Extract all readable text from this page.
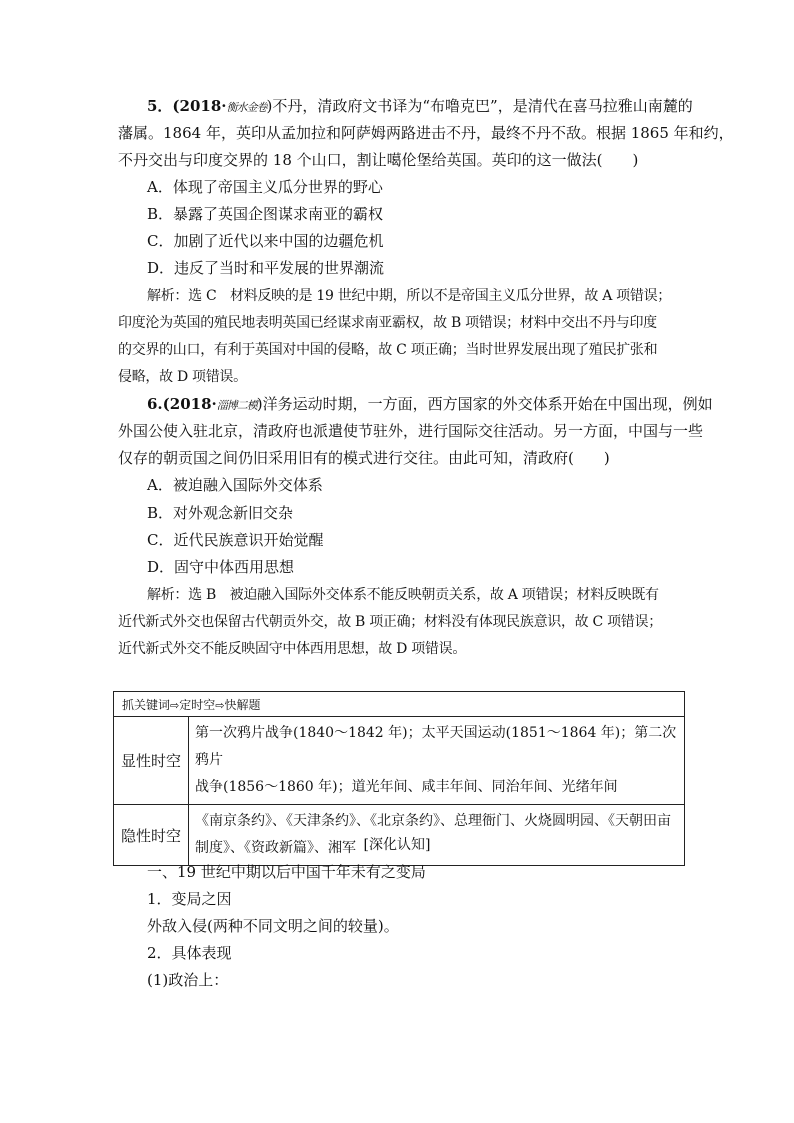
5．(2018·衡水金卷)不丹，清政府文书译为“布噜克巴”，是清代在喜马拉雅山南麓的
藩属。1864 年，英印从孟加拉和阿萨姆两路进击不丹，最终不丹不敌。根据 1865 年和约，
不丹交出与印度交界的 18 个山口，割让噶伦堡给英国。英印的这一做法(　　)
A．体现了帝国主义瓜分世界的野心
B．暴露了英国企图谋求南亚的霸权
C．加剧了近代以来中国的边疆危机
D．违反了当时和平发展的世界潮流
解析：选 C　材料反映的是 19 世纪中期，所以不是帝国主义瓜分世界，故 A 项错误；
印度沦为英国的殖民地表明英国已经谋求南亚霸权，故 B 项错误；材料中交出不丹与印度
的交界的山口，有利于英国对中国的侵略，故 C 项正确；当时世界发展出现了殖民扩张和
侵略，故 D 项错误。
6.(2018·淄博二模)洋务运动时期，一方面，西方国家的外交体系开始在中国出现，例如
外国公使入驻北京，清政府也派遣使节驻外，进行国际交往活动。另一方面，中国与一些
仅存的朝贡国之间仍旧采用旧有的模式进行交往。由此可知，清政府(　　)
A．被迫融入国际外交体系
B．对外观念新旧交杂
C．近代民族意识开始觉醒
D．固守中体西用思想
解析：选 B　被迫融入国际外交体系不能反映朝贡关系，故 A 项错误；材料反映既有
近代新式外交也保留古代朝贡外交，故 B 项正确；材料没有体现民族意识，故 C 项错误；
近代新式外交不能反映固守中体西用思想，故 D 项错误。
抓关键词⇨定时空⇨快解题	
显性时空	第一次鸦片战争(1840～1842 年)；太平天国运动(1851～1864 年)；第二次鸦片
战争(1856～1860 年)；道光年间、咸丰年间、同治年间、光绪年间

隐性时空	《南京条约》、《天津条约》、《北京条约》、总理衙门、火烧圆明园、《天朝田亩
制度》、《资政新篇》、湘军 [深化认知]
一、19 世纪中期以后中国千年未有之变局
1．变局之因
外敌入侵(两种不同文明之间的较量)。
2．具体表现
(1)政治上：
